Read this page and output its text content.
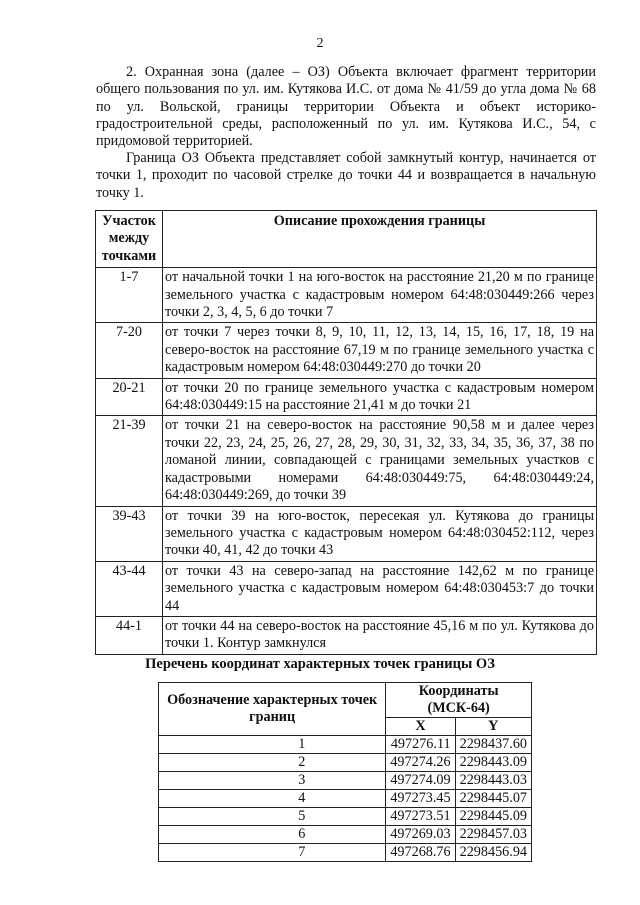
2

2. Охранная зона (далее – ОЗ) Объекта включает фрагмент территории общего пользования по ул. им. Кутякова И.С. от дома № 41/59 до угла дома № 68 по ул. Вольской, границы территории Объекта и объект историко-градостроительной среды, расположенный по ул. им. Кутякова И.С., 54, с придомовой территорией.

Граница ОЗ Объекта представляет собой замкнутый контур, начинается от точки 1, проходит по часовой стрелке до точки 44 и возвращается в начальную точку 1.

Участок между точками	Описание прохождения границы
1-7	от начальной точки 1 на юго-восток на расстояние 21,20 м по границе земельного участка с кадастровым номером 64:48:030449:266 через точки 2, 3, 4, 5, 6 до точки 7
7-20	от точки 7 через точки 8, 9, 10, 11, 12, 13, 14, 15, 16, 17, 18, 19 на северо-восток на расстояние 67,19 м по границе земельного участка с кадастровым номером 64:48:030449:270 до точки 20
20-21	от точки 20 по границе земельного участка с кадастровым номером 64:48:030449:15 на расстояние 21,41 м до точки 21
21-39	от точки 21 на северо-восток на расстояние 90,58 м и далее через точки 22, 23, 24, 25, 26, 27, 28, 29, 30, 31, 32, 33, 34, 35, 36, 37, 38 по ломаной линии, совпадающей с границами земельных участков с кадастровыми номерами 64:48:030449:75, 64:48:030449:24, 64:48:030449:269, до точки 39
39-43	от точки 39 на юго-восток, пересекая ул. Кутякова до границы земельного участка с кадастровым номером 64:48:030452:112, через точки 40, 41, 42 до точки 43
43-44	от точки 43 на северо-запад на расстояние 142,62 м по границе земельного участка с кадастровым номером 64:48:030453:7 до точки 44
44-1	от точки 44 на северо-восток на расстояние 45,16 м по ул. Кутякова до точки 1. Контур замкнулся
Перечень координат характерных точек границы ОЗ
Обозначение характерных точек границ	Координаты (МСК-64)	
	X	Y
1	497276.11	2298437.60
2	497274.26	2298443.09
3	497274.09	2298443.03
4	497273.45	2298445.07
5	497273.51	2298445.09
6	497269.03	2298457.03
7	497268.76	2298456.94
